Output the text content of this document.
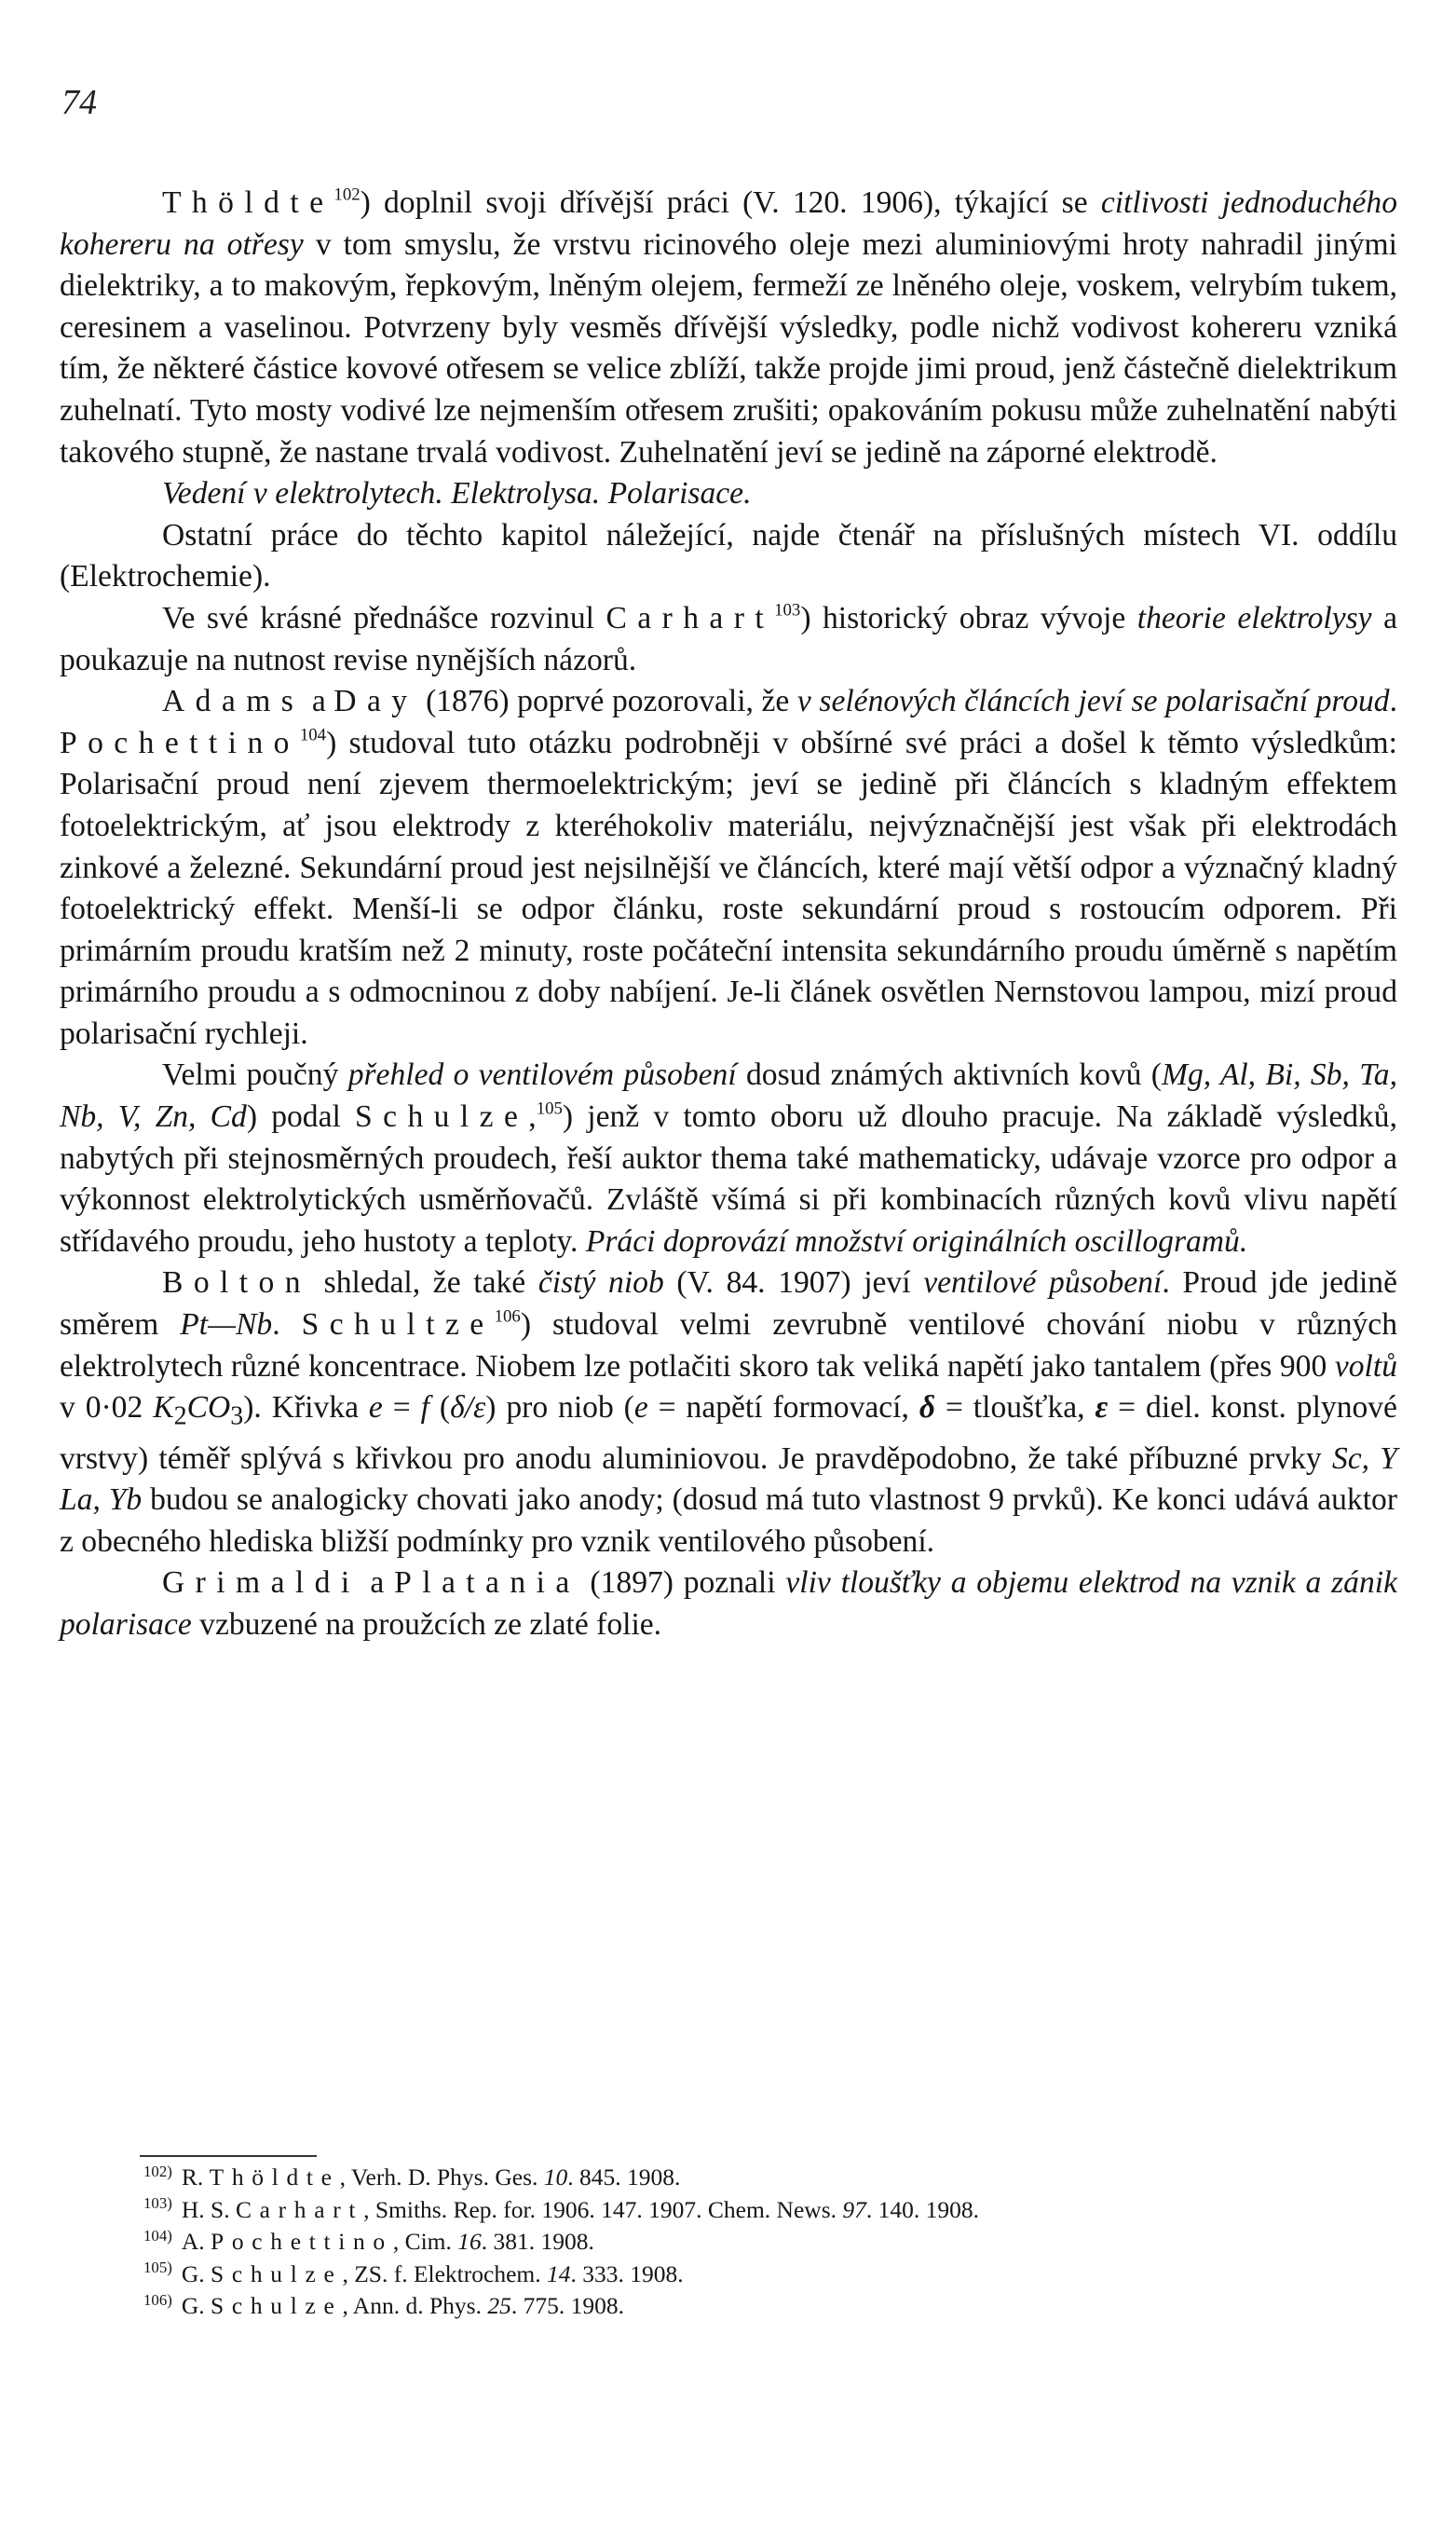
74

Thöldte$^{102}$) doplnil svoji dřívější práci (V. 120. 1906), týkající se citlivosti jednoduchého kohereru na otřesy v tom smyslu, že vrstvu ricinového oleje mezi aluminiovými hroty nahradil jinými dielektriky, a to makovým, řepkovým, lněným olejem, fermeží ze lněného oleje, voskem, velrybím tukem, ceresinem a vaselinou. Potvrzeny byly vesměs dřívější výsledky, podle nichž vodivost kohereru vzniká tím, že některé částice kovové otřesem se velice zblíží, takže projde jimi proud, jenž částečně dielektrikum zuhelnatí. Tyto mosty vodivé lze nejmenším otřesem zrušiti; opakováním pokusu může zuhelnatění nabýti takového stupně, že nastane trvalá vodivost. Zuhelnatění jeví se jedině na záporné elektrodě.

Vedení v elektrolytech. Elektrolysa. Polarisace.

Ostatní práce do těchto kapitol náležející, najde čtenář na příslušných místech VI. oddílu (Elektrochemie).

Ve své krásné přednášce rozvinul Carhart$^{103}$) historický obraz vývoje theorie elektrolysy a poukazuje na nutnost revise nynějších názorů.

Adams a Day (1876) poprvé pozorovali, že v selénových článcích jeví se polarisační proud. Pochettino$^{104}$) studoval tuto otázku podrobněji v obšírné své práci a došel k těmto výsledkům: Polarisační proud není zjevem thermoelektrickým; jeví se jedině při článcích s kladným effektem fotoelektrickým, ať jsou elektrody z kteréhokoliv materiálu, nejvýznačnější jest však při elektrodách zinkové a železné. Sekundární proud jest nejsilnější ve článcích, které mají větší odpor a význačný kladný fotoelektrický effekt. Menší-li se odpor článku, roste sekundární proud s rostoucím odporem. Při primárním proudu kratším než 2 minuty, roste počáteční intensita sekundárního proudu úměrně s napětím primárního proudu a s odmocninou z doby nabíjení. Je-li článek osvětlen Nernstovou lampou, mizí proud polarisační rychleji.

Velmi poučný přehled o ventilovém působení dosud známých aktivních kovů (Mg, Al, Bi, Sb, Ta, Nb, V, Zn, Cd) podal Schulze,$^{105}$) jenž v tomto oboru už dlouho pracuje. Na základě výsledků, nabytých při stejnosměrných proudech, řeší auktor thema také mathematicky, udávaje vzorce pro odpor a výkonnost elektrolytických usměrňovačů. Zvláště všímá si při kombinacích různých kovů vlivu napětí střídavého proudu, jeho hustoty a teploty. Práci doprovází množství originálních oscillogramů.

Bolton shledal, že také čistý niob (V. 84. 1907) jeví ventilové působení. Proud jde jedině směrem Pt—Nb. Schultze$^{106}$) studoval velmi zevrubně ventilové chování niobu v různých elektrolytech různé koncentrace. Niobem lze potlačiti skoro tak veliká napětí jako tantalem (přes 900 voltů v 0·02 $K_2CO_3$). Křivka e = f (δ/ε) pro niob (e = napětí formovací, δ = tloušťka, ε = diel. konst. plynové vrstvy) téměř splývá s křivkou pro anodu aluminiovou. Je pravděpodobno, že také příbuzné prvky Sc, Y La, Yb budou se analogicky chovati jako anody; (dosud má tuto vlastnost 9 prvků). Ke konci udává auktor z obecného hlediska bližší podmínky pro vznik ventilového působení.

Grimaldi a Platania (1897) poznali vliv tloušťky a objemu elektrod na vznik a zánik polarisace vzbuzené na proužcích ze zlaté folie.

$^{102)}$ R. Thöldte, Verh. D. Phys. Ges. 10. 845. 1908.

$^{103)}$ H. S. Carhart, Smiths. Rep. for. 1906. 147. 1907. Chem. News. 97. 140. 1908.

$^{104)}$ A. Pochettino, Cim. 16. 381. 1908.

$^{105)}$ G. Schulze, ZS. f. Elektrochem. 14. 333. 1908.

$^{106)}$ G. Schulze, Ann. d. Phys. 25. 775. 1908.
